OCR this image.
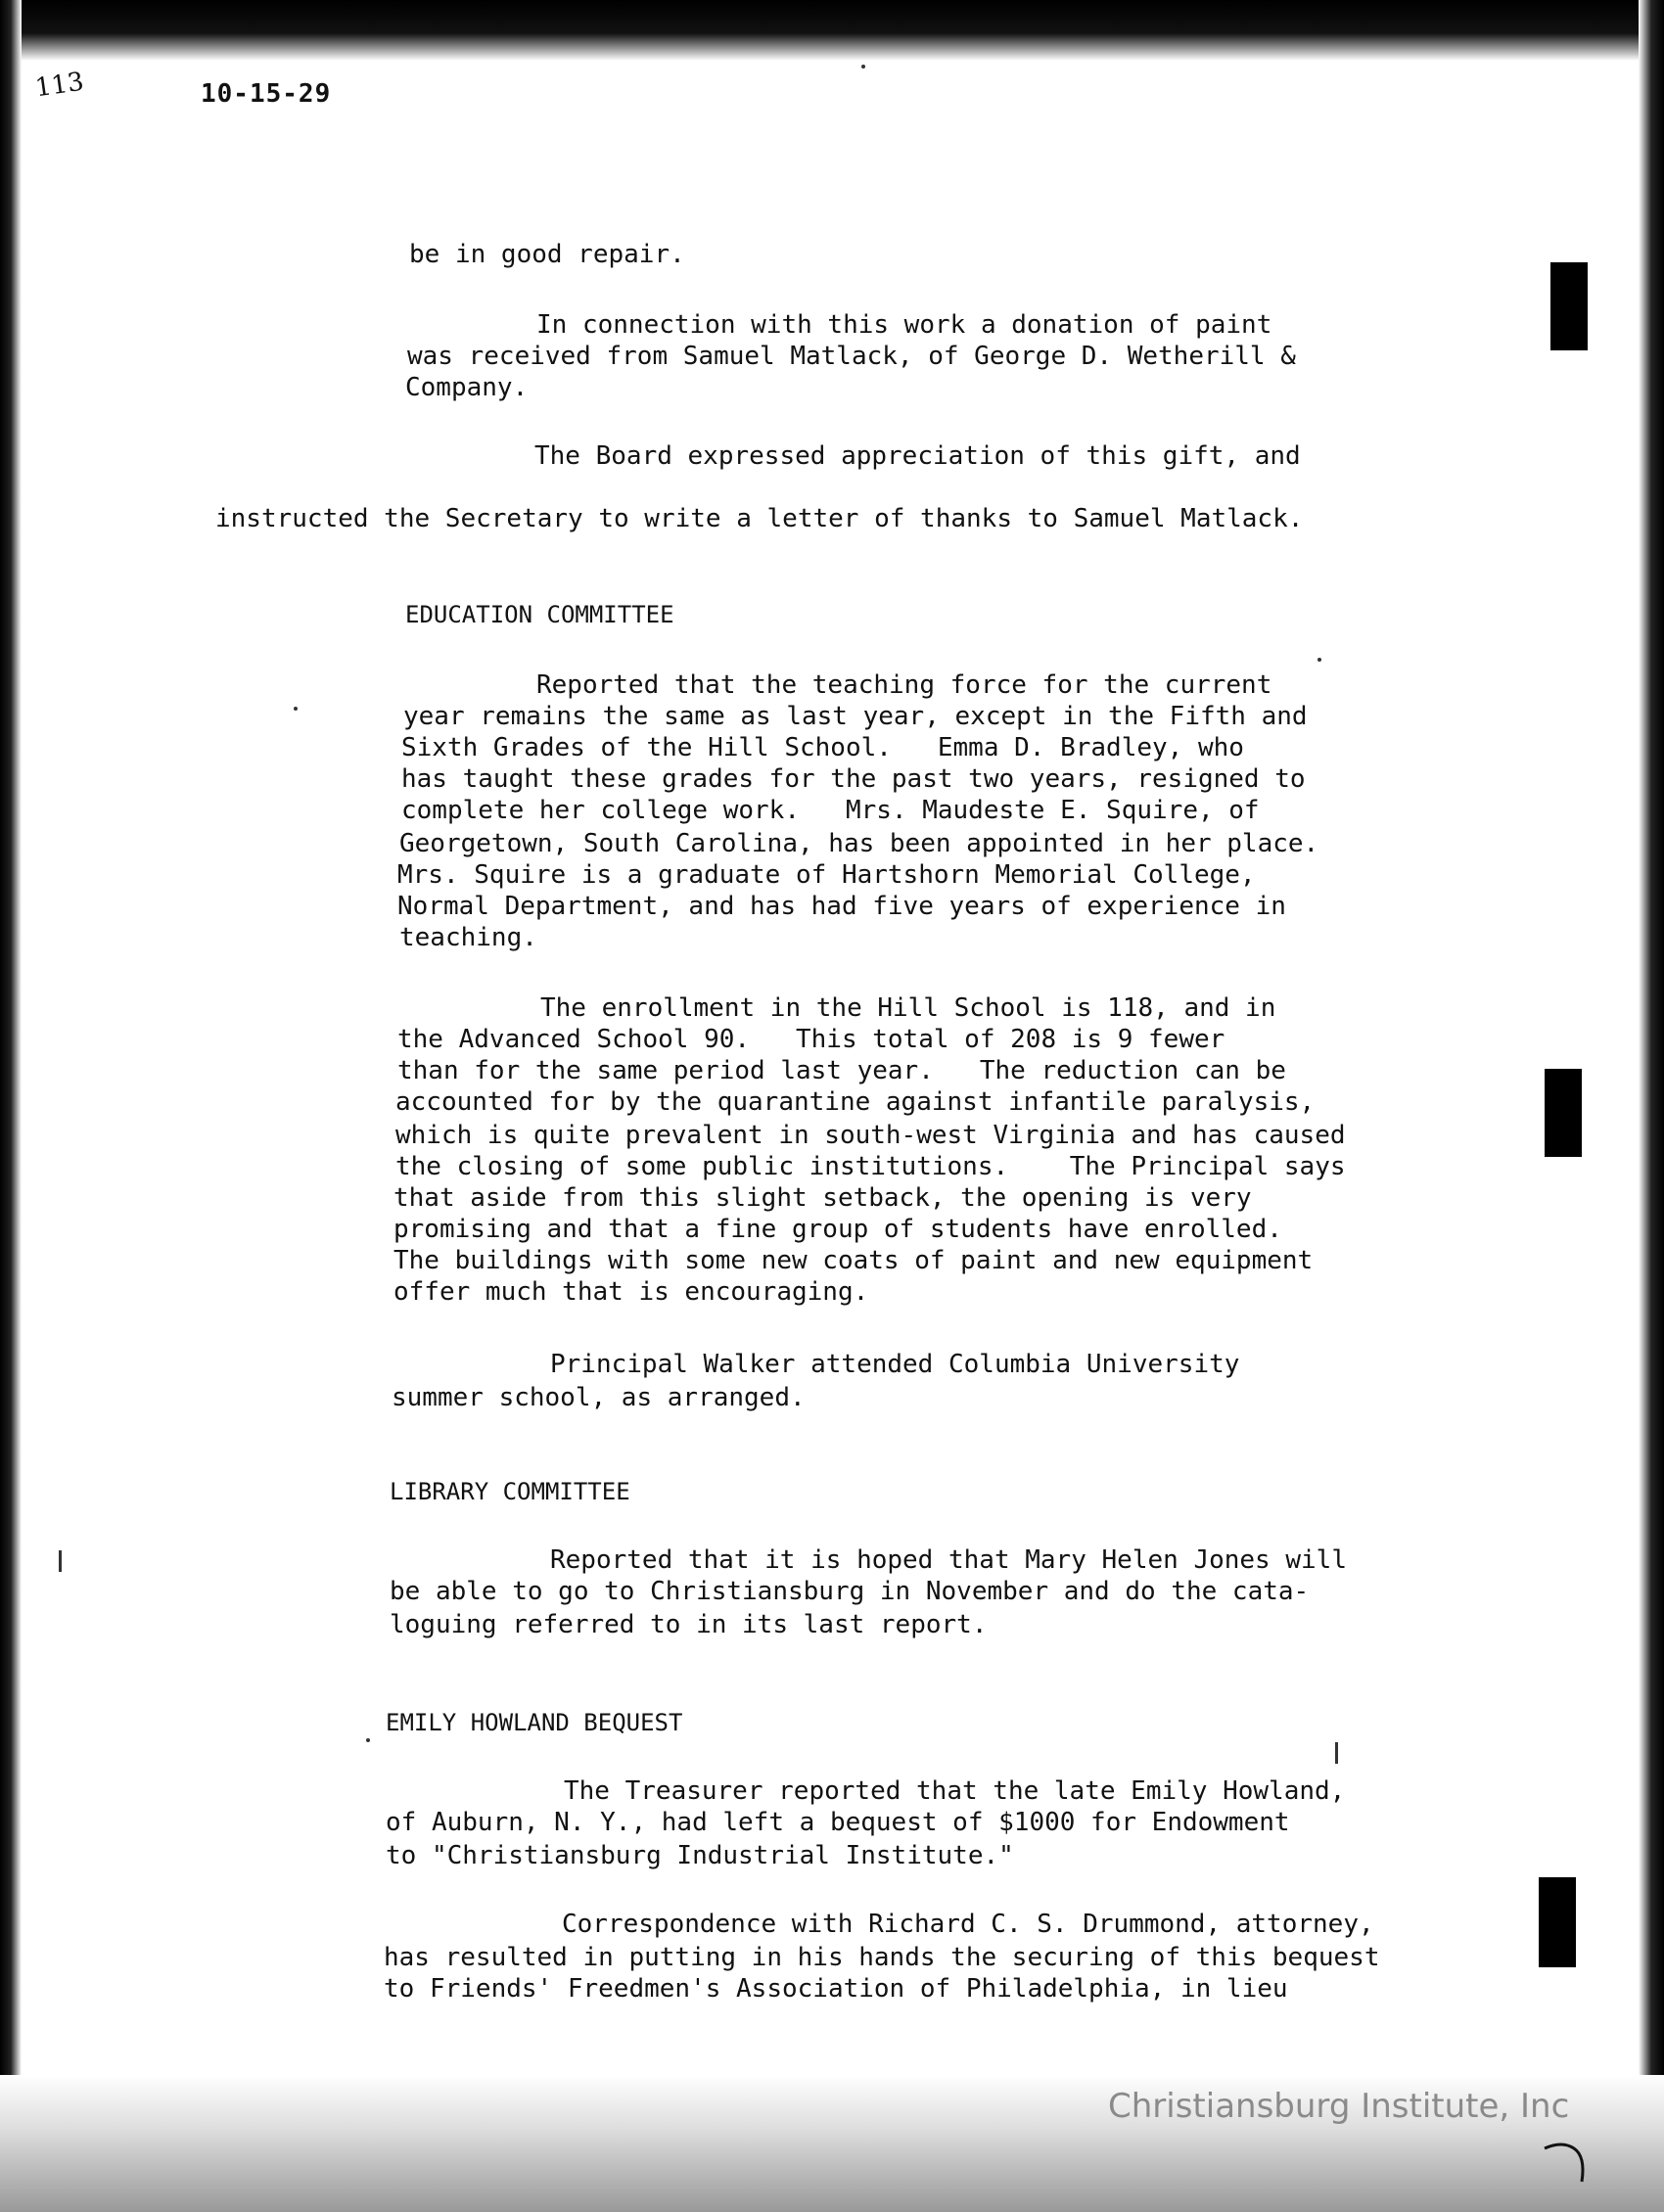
113	10-15-29

be in good repair.

In connection with this work a donation of paint

was received from Samuel Matlack, of George D. Wetherill &

Company.

The Board expressed appreciation of this gift, and

instructed the Secretary to write a letter of thanks to Samuel Matlack.

EDUCATION COMMITTEE

Reported that the teaching force for the current

year remains the same as last year, except in the Fifth and

Sixth Grades of the Hill School.   Emma D. Bradley, who

has taught these grades for the past two years, resigned to

complete her college work.   Mrs. Maudeste E. Squire, of

Georgetown, South Carolina, has been appointed in her place.

Mrs. Squire is a graduate of Hartshorn Memorial College,

Normal Department, and has had five years of experience in

teaching.

The enrollment in the Hill School is 118, and in

the Advanced School 90.   This total of 208 is 9 fewer

than for the same period last year.   The reduction can be

accounted for by the quarantine against infantile paralysis,

which is quite prevalent in south-west Virginia and has caused

the closing of some public institutions.    The Principal says

that aside from this slight setback, the opening is very

promising and that a fine group of students have enrolled.

The buildings with some new coats of paint and new equipment

offer much that is encouraging.

Principal Walker attended Columbia University

summer school, as arranged.

LIBRARY COMMITTEE

Reported that it is hoped that Mary Helen Jones will

be able to go to Christiansburg in November and do the cata-

loguing referred to in its last report.

EMILY HOWLAND BEQUEST

The Treasurer reported that the late Emily Howland,

of Auburn, N. Y., had left a bequest of $1000 for Endowment

to "Christiansburg Industrial Institute."

Correspondence with Richard C. S. Drummond, attorney,

has resulted in putting in his hands the securing of this bequest

to Friends' Freedmen's Association of Philadelphia, in lieu

Christiansburg Institute, Inc
